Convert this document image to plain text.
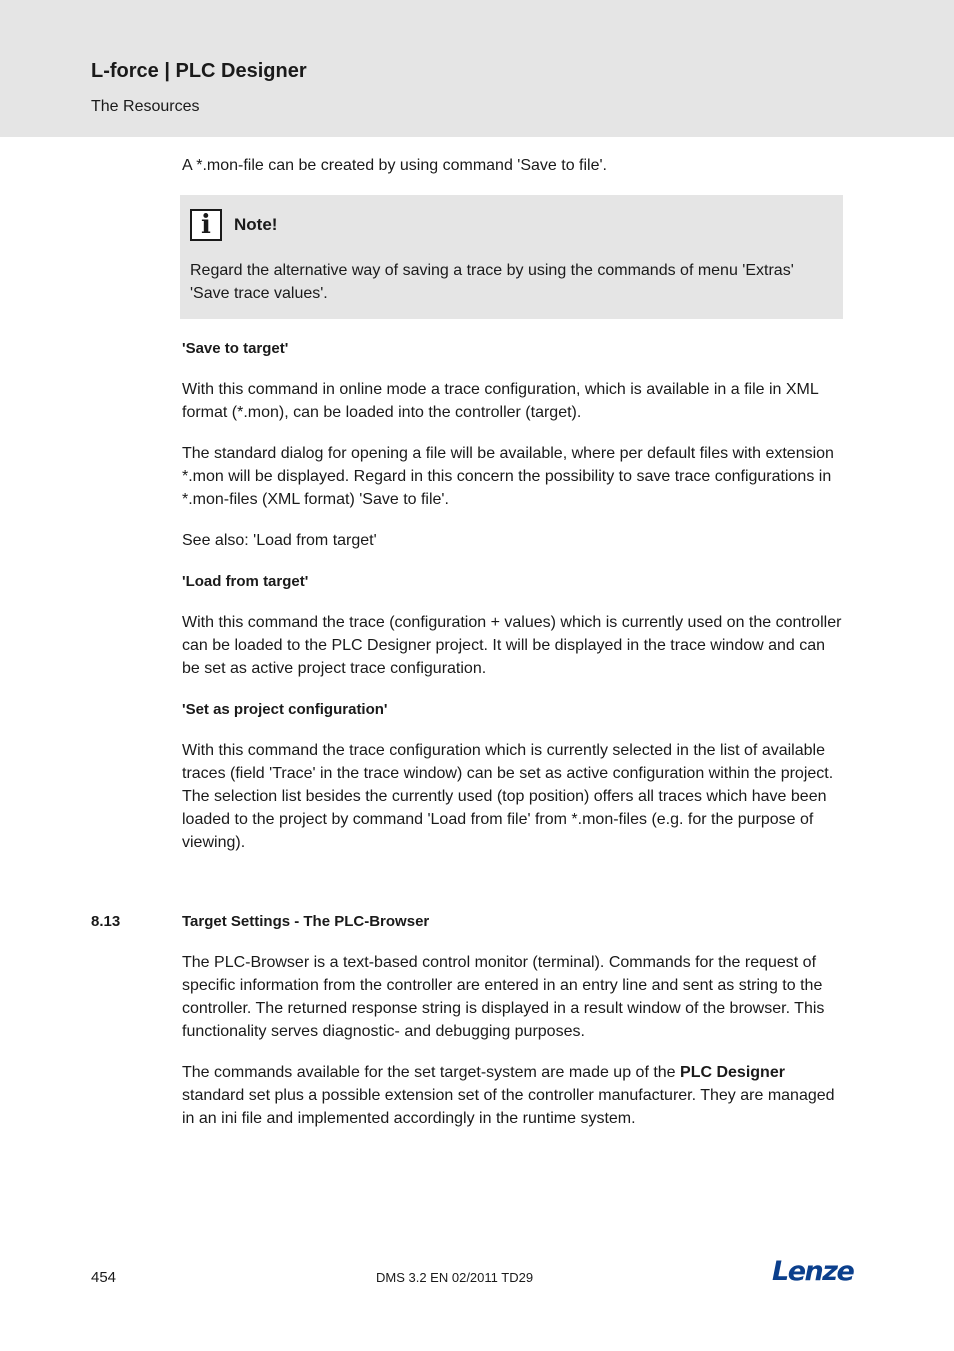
L-force | PLC Designer
The Resources

A *.mon-file can be created by using command 'Save to file'.

i	Note!
Regard the alternative way of saving a trace by using the commands of menu 'Extras' 'Save trace values'.
'Save to target'

With this command in online mode a trace configuration, which is available in a file in XML format (*.mon), can be loaded into the controller (target).

The standard dialog for opening a file will be available, where per default files with extension *.mon will be displayed. Regard in this concern the possibility to save trace configurations in *.mon-files (XML format) 'Save to file'.

See also: 'Load from target'

'Load from target'

With this command the trace (configuration + values) which is currently used on the controller can be loaded to the PLC Designer project. It will be displayed in the trace window and can be set as active project trace configuration.

'Set as project configuration'

With this command the trace configuration which is currently selected in the list of available traces (field 'Trace' in the trace window) can be set as active configuration within the project. The selection list besides the currently used (top position) offers all traces which have been loaded to the project by command 'Load from file' from *.mon-files (e.g. for the purpose of viewing).

8.13	Target Settings - The PLC-Browser

The PLC-Browser is a text-based control monitor (terminal). Commands for the request of specific information from the controller are entered in an entry line and sent as string to the controller. The returned response string is displayed in a result window of the browser. This functionality serves diagnostic- and debugging purposes.

The commands available for the set target-system are made up of the PLC Designer standard set plus a possible extension set of the controller manufacturer. They are managed in an ini file and implemented accordingly in the runtime system.

454	DMS 3.2 EN 02/2011 TD29	Lenze
